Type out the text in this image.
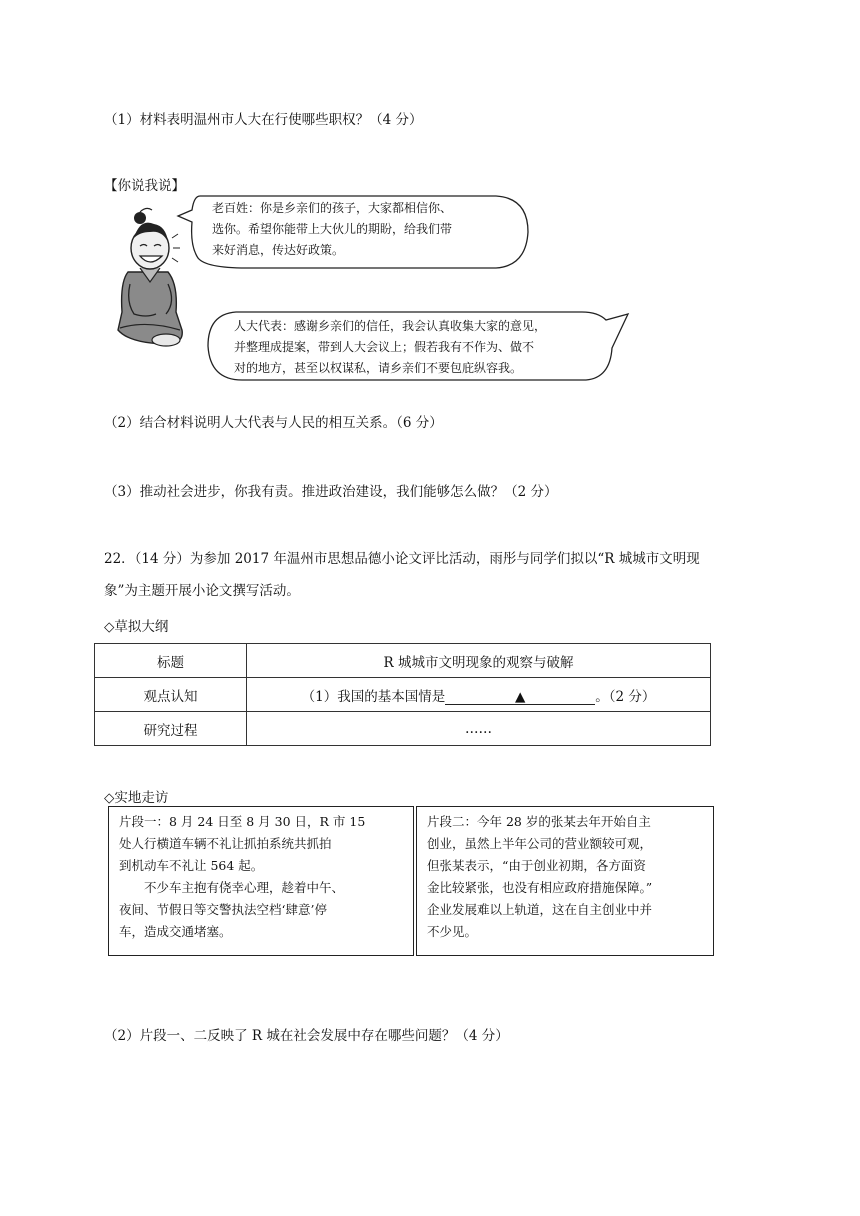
（1）材料表明温州市人大在行使哪些职权？（4 分）
【你说我说】
老百姓：你是乡亲们的孩子，大家都相信你、
选你。希望你能带上大伙儿的期盼，给我们带
来好消息，传达好政策。
人大代表：感谢乡亲们的信任，我会认真收集大家的意见，
并整理成提案，带到人大会议上；假若我有不作为、做不
对的地方，甚至以权谋私，请乡亲们不要包庇纵容我。
（2）结合材料说明人大代表与人民的相互关系。（6 分）
（3）推动社会进步，你我有责。推进政治建设，我们能够怎么做？（2 分）
22．（14 分）为参加 2017 年温州市思想品德小论文评比活动，雨彤与同学们拟以“R 城城市文明现
象”为主题开展小论文撰写活动。
◇草拟大纲
标题	R 城城市文明现象的观察与破解
观点认知	（1）我国的基本国情是 ▲ 。（2 分）
研究过程	……
◇实地走访
片段一：8 月 24 日至 8 月 30 日，R 市 15
处人行横道车辆不礼让抓拍系统共抓拍
到机动车不礼让 564 起。
　　不少车主抱有侥幸心理，趁着中午、
夜间、节假日等交警执法空档‘肆意’停
车，造成交通堵塞。
片段二：今年 28 岁的张某去年开始自主
创业，虽然上半年公司的营业额较可观，
但张某表示，“由于创业初期，各方面资
金比较紧张，也没有相应政府措施保障。”
企业发展难以上轨道，这在自主创业中并
不少见。
（2）片段一、二反映了 R 城在社会发展中存在哪些问题？（4 分）
